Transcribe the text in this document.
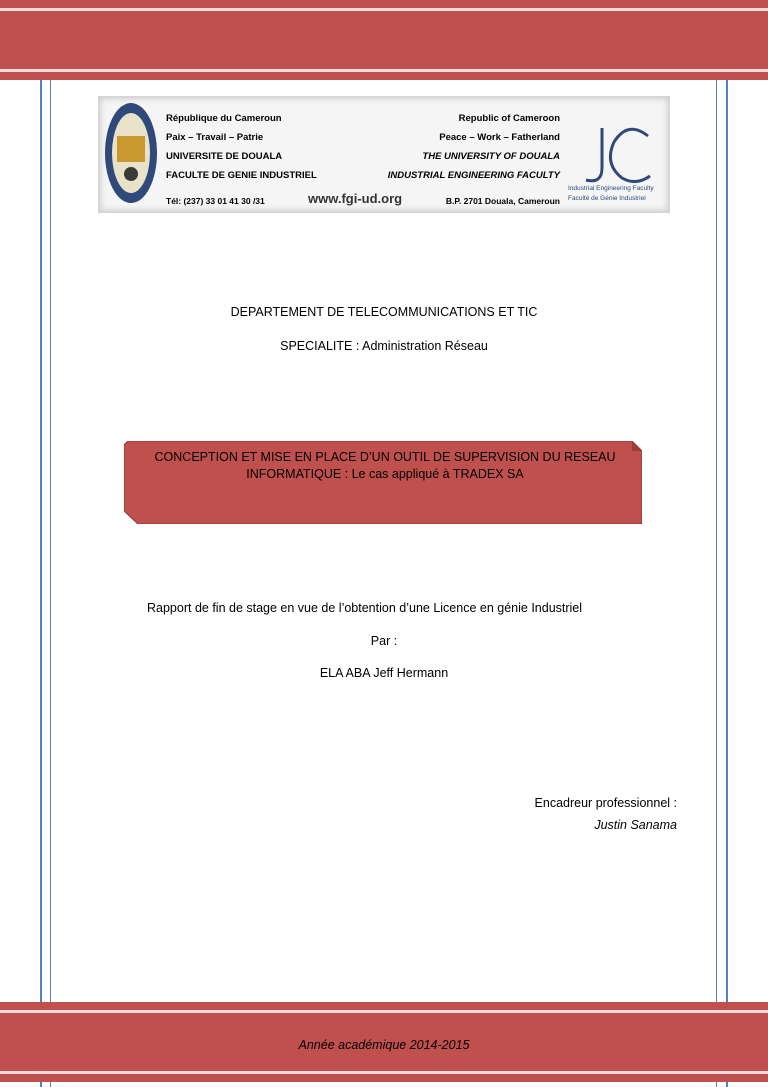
République du Cameroun
Paix – Travail – Patrie
UNIVERSITE DE DOUALA
FACULTE DE GENIE INDUSTRIEL
Tél: (237) 33 01 41 30 /31
Republic of Cameroon
Peace – Work – Fatherland
THE UNIVERSITY OF DOUALA
INDUSTRIAL ENGINEERING FACULTY
B.P. 2701 Douala, Cameroun
www.fgi-ud.org
Industrial Engineering Faculty
Faculté de Génie Industriel
DEPARTEMENT DE TELECOMMUNICATIONS ET TIC
SPECIALITE : Administration Réseau
CONCEPTION ET MISE EN PLACE D’UN OUTIL DE SUPERVISION DU RESEAU
INFORMATIQUE : Le cas appliqué à TRADEX SA
Rapport de fin de stage en vue de l’obtention d’une Licence en génie Industriel
Par :
ELA ABA Jeff Hermann
Encadreur professionnel :
Justin Sanama
Année académique 2014-2015
